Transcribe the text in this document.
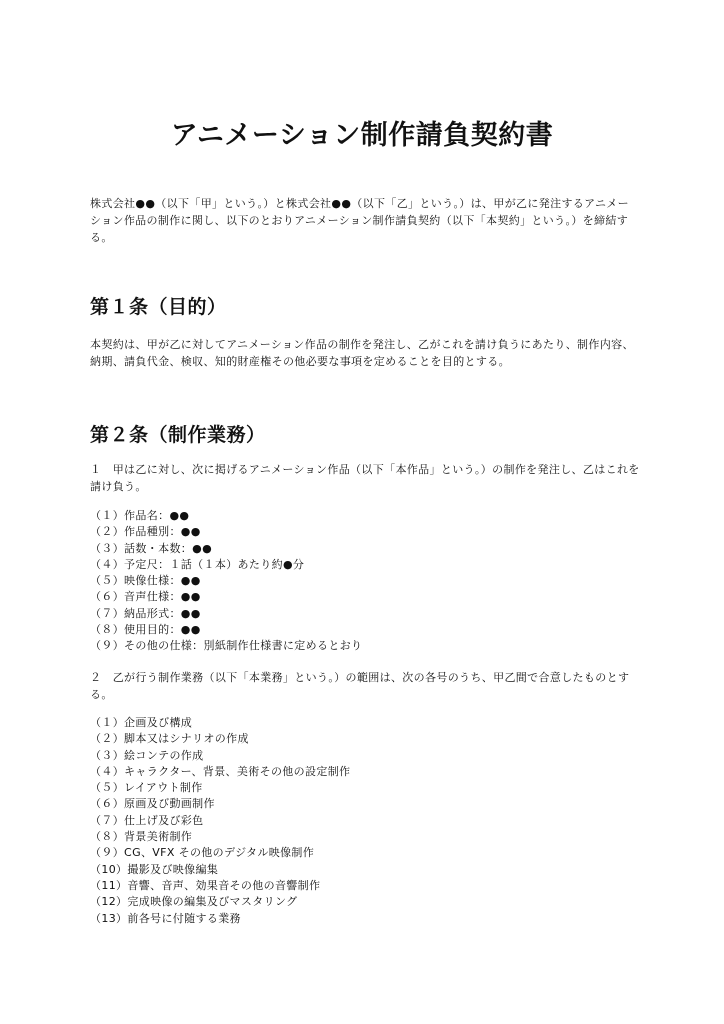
アニメーション制作請負契約書

株式会社●●（以下「甲」という。）と株式会社●●（以下「乙」という。）は、甲が乙に発注するアニメーション作品の制作に関し、以下のとおりアニメーション制作請負契約（以下「本契約」という。）を締結する。

第１条（目的）

本契約は、甲が乙に対してアニメーション作品の制作を発注し、乙がこれを請け負うにあたり、制作内容、納期、請負代金、検収、知的財産権その他必要な事項を定めることを目的とする。

第２条（制作業務）

１　甲は乙に対し、次に掲げるアニメーション作品（以下「本作品」という。）の制作を発注し、乙はこれを請け負う。

（１）作品名：●●
（２）作品種別：●●
（３）話数・本数：●●
（４）予定尺：１話（１本）あたり約●分
（５）映像仕様：●●
（６）音声仕様：●●
（７）納品形式：●●
（８）使用目的：●●
（９）その他の仕様：別紙制作仕様書に定めるとおり

２　乙が行う制作業務（以下「本業務」という。）の範囲は、次の各号のうち、甲乙間で合意したものとする。

（１）企画及び構成
（２）脚本又はシナリオの作成
（３）絵コンテの作成
（４）キャラクター、背景、美術その他の設定制作
（５）レイアウト制作
（６）原画及び動画制作
（７）仕上げ及び彩色
（８）背景美術制作
（９）CG、VFX その他のデジタル映像制作
（10）撮影及び映像編集
（11）音響、音声、効果音その他の音響制作
（12）完成映像の編集及びマスタリング
（13）前各号に付随する業務
